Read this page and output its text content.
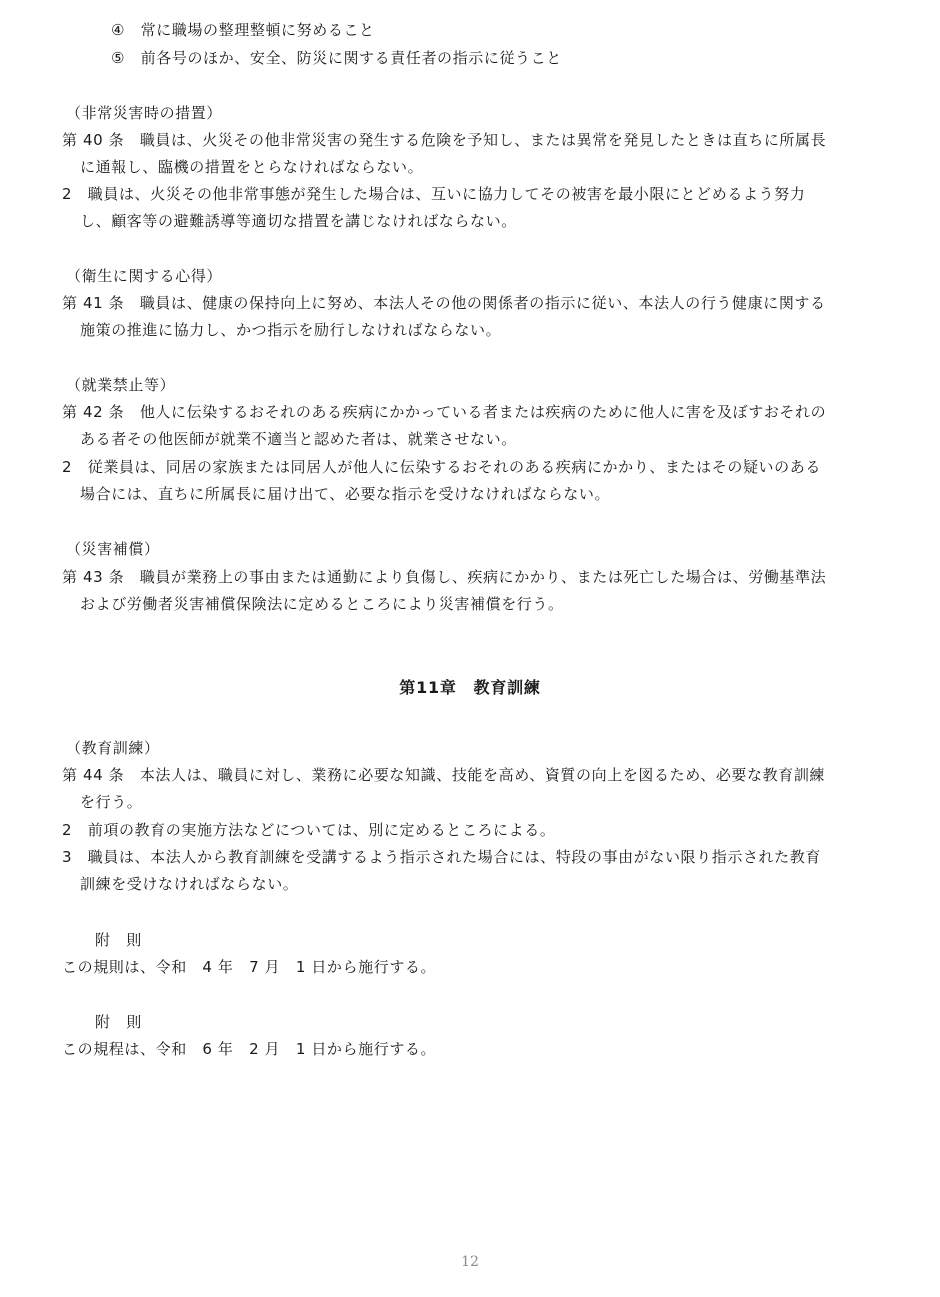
④　常に職場の整理整頓に努めること
⑤　前各号のほか、安全、防災に関する責任者の指示に従うこと
（非常災害時の措置）
第 40 条　職員は、火災その他非常災害の発生する危険を予知し、または異常を発見したときは直ちに所属長
に通報し、臨機の措置をとらなければならない。
2　職員は、火災その他非常事態が発生した場合は、互いに協力してその被害を最小限にとどめるよう努力
し、顧客等の避難誘導等適切な措置を講じなければならない。
（衛生に関する心得）
第 41 条　職員は、健康の保持向上に努め、本法人その他の関係者の指示に従い、本法人の行う健康に関する
施策の推進に協力し、かつ指示を励行しなければならない。
（就業禁止等）
第 42 条　他人に伝染するおそれのある疾病にかかっている者または疾病のために他人に害を及ぼすおそれの
ある者その他医師が就業不適当と認めた者は、就業させない。
2　従業員は、同居の家族または同居人が他人に伝染するおそれのある疾病にかかり、またはその疑いのある
場合には、直ちに所属長に届け出て、必要な指示を受けなければならない。
（災害補償）
第 43 条　職員が業務上の事由または通勤により負傷し、疾病にかかり、または死亡した場合は、労働基準法
および労働者災害補償保険法に定めるところにより災害補償を行う。
第11章　教育訓練
（教育訓練）
第 44 条　本法人は、職員に対し、業務に必要な知識、技能を高め、資質の向上を図るため、必要な教育訓練
を行う。
2　前項の教育の実施方法などについては、別に定めるところによる。
3　職員は、本法人から教育訓練を受講するよう指示された場合には、特段の事由がない限り指示された教育
訓練を受けなければならない。
附　則
この規則は、令和　4 年　7 月　1 日から施行する。
附　則
この規程は、令和　6 年　2 月　1 日から施行する。
12
